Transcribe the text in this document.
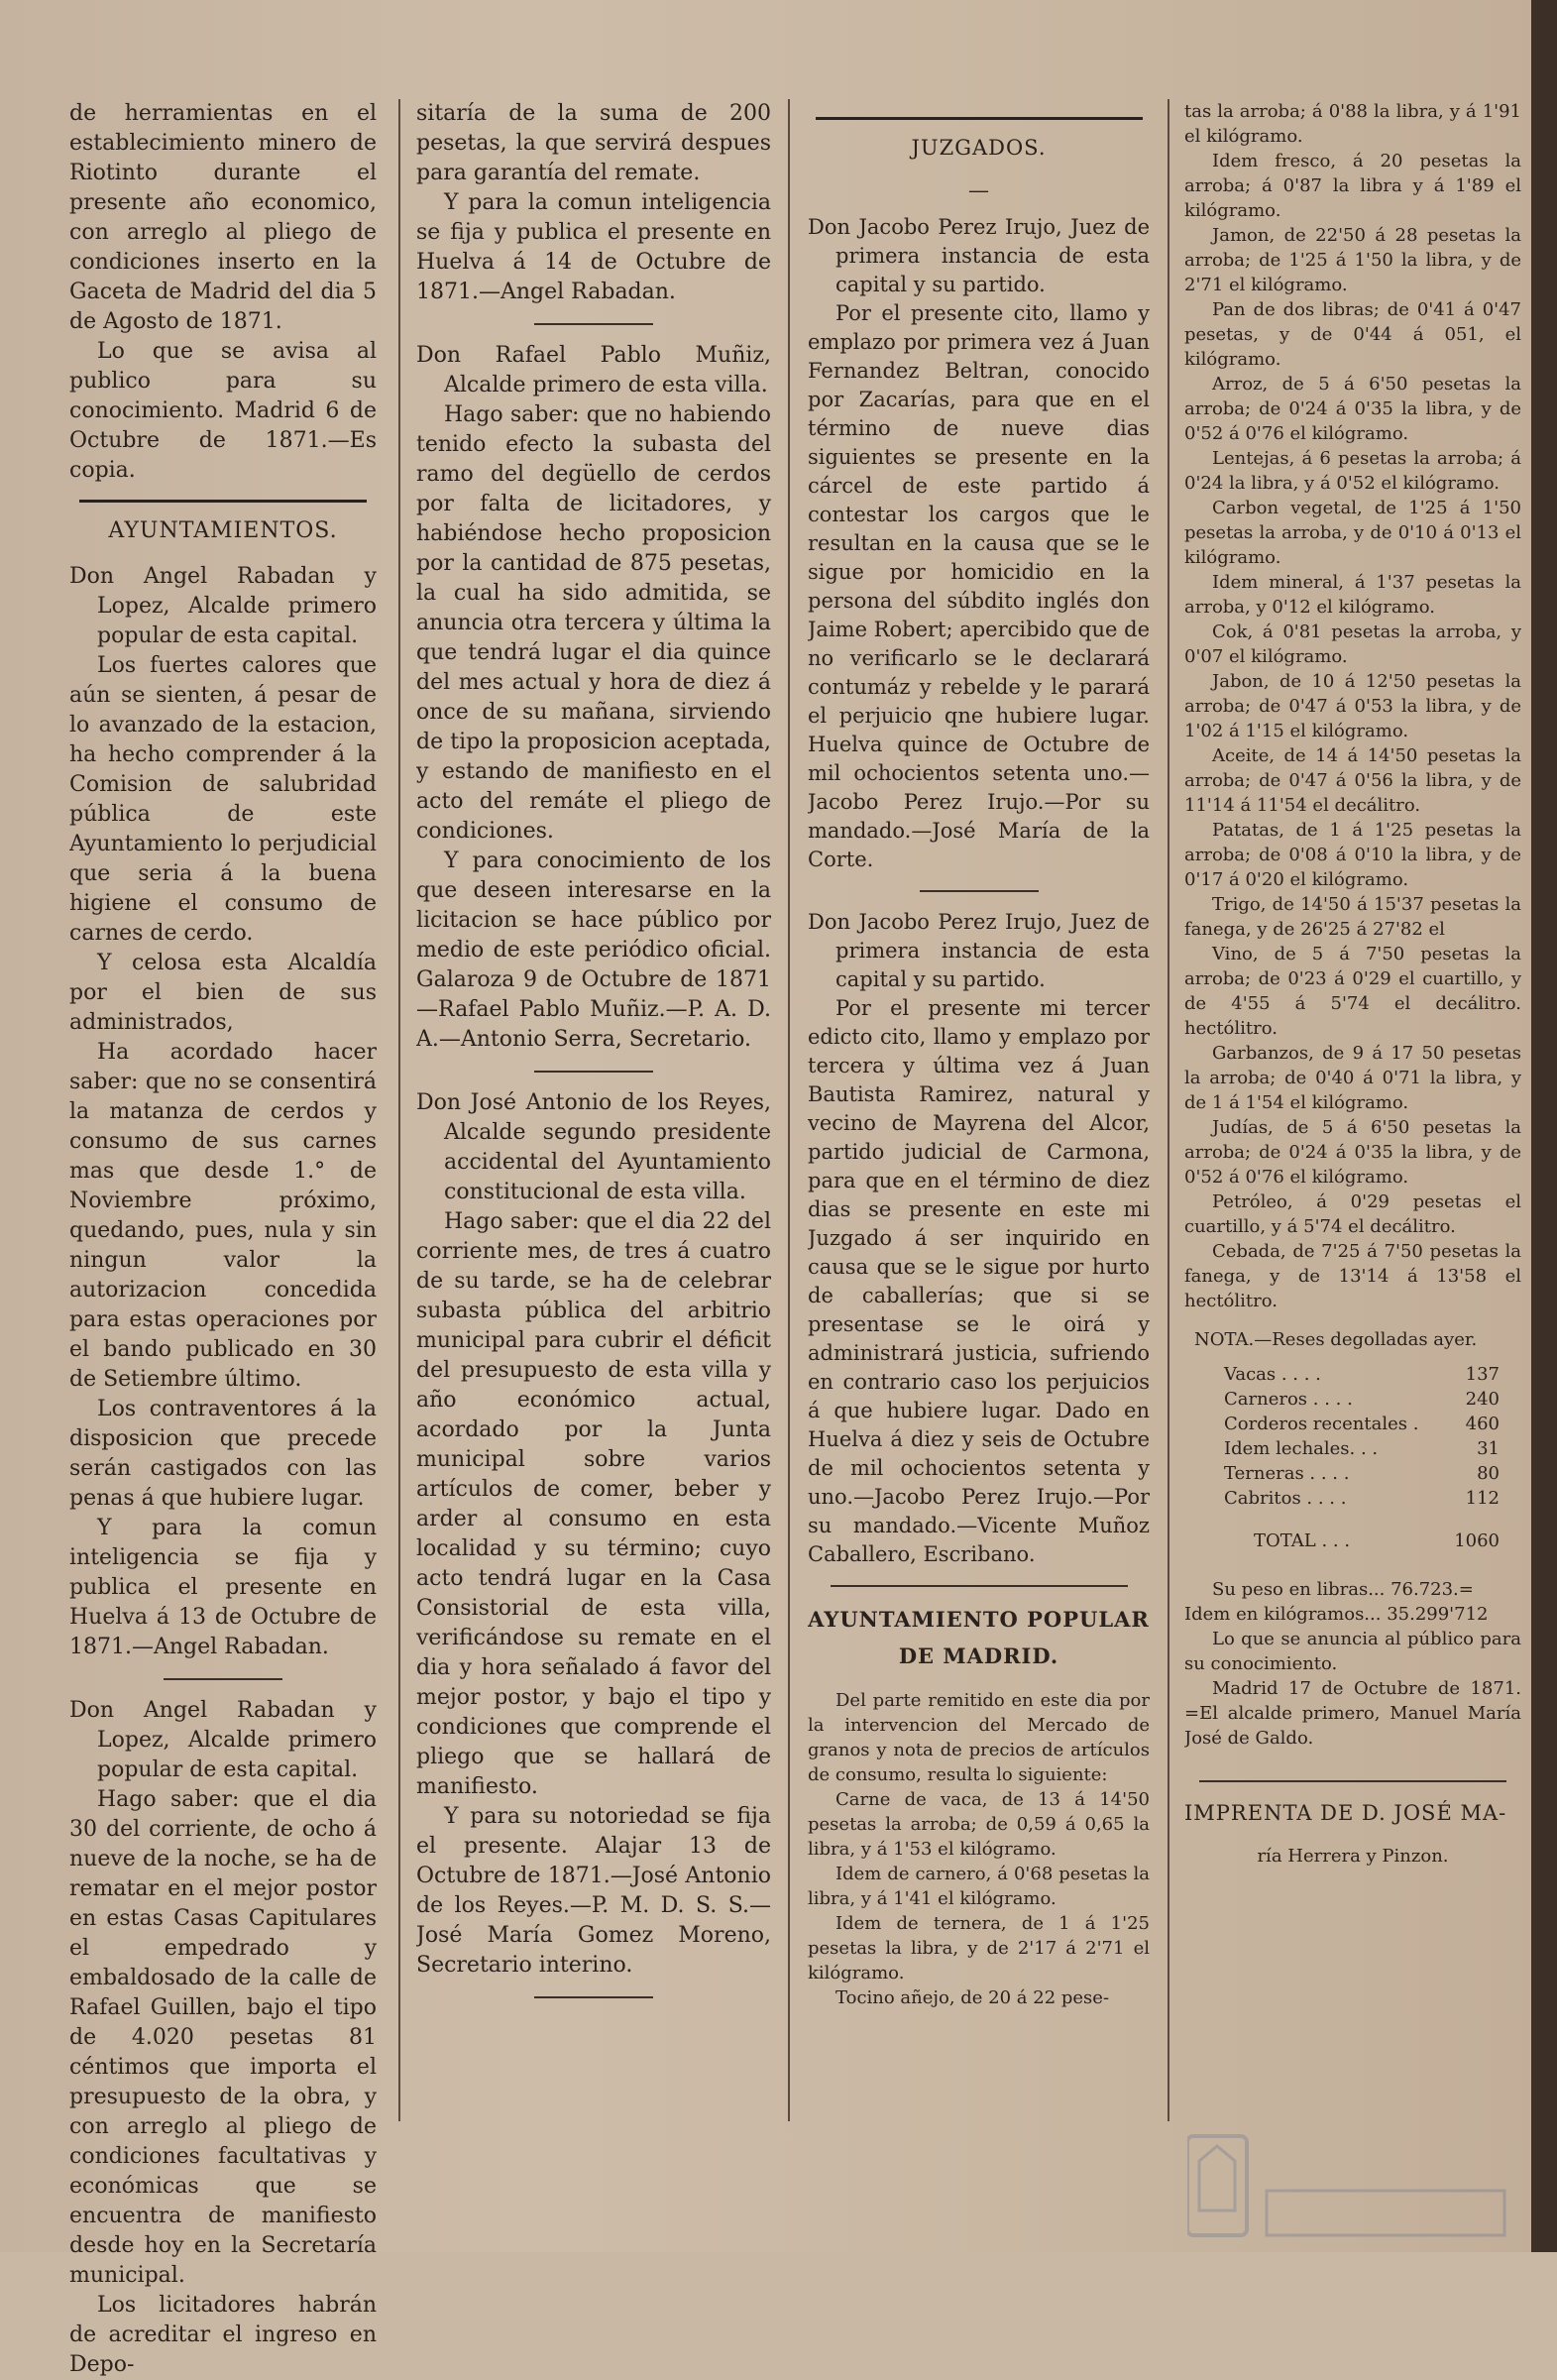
de herramientas en el establecimiento minero de Riotinto durante el presente año economico, con arreglo al pliego de condiciones inserto en la Gaceta de Madrid del dia 5 de Agosto de 1871.

Lo que se avisa al publico para su conocimiento. Madrid 6 de Octubre de 1871.—Es copia.

AYUNTAMIENTOS.

Don Angel Rabadan y Lopez, Alcalde primero popular de esta capital.

Los fuertes calores que aún se sienten, á pesar de lo avanzado de la estacion, ha hecho comprender á la Comision de salubridad pública de este Ayuntamiento lo perjudicial que seria á la buena higiene el consumo de carnes de cerdo.

Y celosa esta Alcaldía por el bien de sus administrados,

Ha acordado hacer saber: que no se consentirá la matanza de cerdos y consumo de sus carnes mas que desde 1.° de Noviembre próximo, quedando, pues, nula y sin ningun valor la autorizacion concedida para estas operaciones por el bando publicado en 30 de Setiembre último.

Los contraventores á la disposicion que precede serán castigados con las penas á que hubiere lugar.

Y para la comun inteligencia se fija y publica el presente en Huelva á 13 de Octubre de 1871.—Angel Rabadan.

Don Angel Rabadan y Lopez, Alcalde primero popular de esta capital.

Hago saber: que el dia 30 del corriente, de ocho á nueve de la noche, se ha de rematar en el mejor postor en estas Casas Capitulares el empedrado y embaldosado de la calle de Rafael Guillen, bajo el tipo de 4.020 pesetas 81 céntimos que importa el presupuesto de la obra, y con arreglo al pliego de condiciones facultativas y económicas que se encuentra de manifiesto desde hoy en la Secretaría municipal.

Los licitadores habrán de acreditar el ingreso en Depo-

sitaría de la suma de 200 pesetas, la que servirá despues para garantía del remate.

Y para la comun inteligencia se fija y publica el presente en Huelva á 14 de Octubre de 1871.—Angel Rabadan.

Don Rafael Pablo Muñiz, Alcalde primero de esta villa.

Hago saber: que no habiendo tenido efecto la subasta del ramo del degüello de cerdos por falta de licitadores, y habiéndose hecho proposicion por la cantidad de 875 pesetas, la cual ha sido admitida, se anuncia otra tercera y última la que tendrá lugar el dia quince del mes actual y hora de diez á once de su mañana, sirviendo de tipo la proposicion aceptada, y estando de manifiesto en el acto del remáte el pliego de condiciones.

Y para conocimiento de los que deseen interesarse en la licitacion se hace público por medio de este periódico oficial. Galaroza 9 de Octubre de 1871 —Rafael Pablo Muñiz.—P. A. D. A.—Antonio Serra, Secretario.

Don José Antonio de los Reyes, Alcalde segundo presidente accidental del Ayuntamiento constitucional de esta villa.

Hago saber: que el dia 22 del corriente mes, de tres á cuatro de su tarde, se ha de celebrar subasta pública del arbitrio municipal para cubrir el déficit del presupuesto de esta villa y año económico actual, acordado por la Junta municipal sobre varios artículos de comer, beber y arder al consumo en esta localidad y su término; cuyo acto tendrá lugar en la Casa Consistorial de esta villa, verificándose su remate en el dia y hora señalado á favor del mejor postor, y bajo el tipo y condiciones que comprende el pliego que se hallará de manifiesto.

Y para su notoriedad se fija el presente. Alajar 13 de Octubre de 1871.—José Antonio de los Reyes.—P. M. D. S. S.—José María Gomez Moreno, Secretario interino.

JUZGADOS.

—

Don Jacobo Perez Irujo, Juez de primera instancia de esta capital y su partido.

Por el presente cito, llamo y emplazo por primera vez á Juan Fernandez Beltran, conocido por Zacarías, para que en el término de nueve dias siguientes se presente en la cárcel de este partido á contestar los cargos que le resultan en la causa que se le sigue por homicidio en la persona del súbdito inglés don Jaime Robert; apercibido que de no verificarlo se le declarará contumáz y rebelde y le parará el perjuicio qne hubiere lugar. Huelva quince de Octubre de mil ochocientos setenta uno.—Jacobo Perez Irujo.—Por su mandado.—José María de la Corte.

Don Jacobo Perez Irujo, Juez de primera instancia de esta capital y su partido.

Por el presente mi tercer edicto cito, llamo y emplazo por tercera y última vez á Juan Bautista Ramirez, natural y vecino de Mayrena del Alcor, partido judicial de Carmona, para que en el término de diez dias se presente en este mi Juzgado á ser inquirido en causa que se le sigue por hurto de caballerías; que si se presentase se le oirá y administrará justicia, sufriendo en contrario caso los perjuicios á que hubiere lugar. Dado en Huelva á diez y seis de Octubre de mil ochocientos setenta y uno.—Jacobo Perez Irujo.—Por su mandado.—Vicente Muñoz Caballero, Escribano.

AYUNTAMIENTO POPULAR

DE MADRID.

Del parte remitido en este dia por la intervencion del Mercado de granos y nota de precios de artículos de consumo, resulta lo siguiente:

Carne de vaca, de 13 á 14'50 pesetas la arroba; de 0,59 á 0,65 la libra, y á 1'53 el kilógramo.

Idem de carnero, á 0'68 pesetas la libra, y á 1'41 el kilógramo.

Idem de ternera, de 1 á 1'25 pesetas la libra, y de 2'17 á 2'71 el kilógramo.

Tocino añejo, de 20 á 22 pese-

tas la arroba; á 0'88 la libra, y á 1'91 el kilógramo.

Idem fresco, á 20 pesetas la arroba; á 0'87 la libra y á 1'89 el kilógramo.

Jamon, de 22'50 á 28 pesetas la arroba; de 1'25 á 1'50 la libra, y de 2'71 el kilógramo.

Pan de dos libras; de 0'41 á 0'47 pesetas, y de 0'44 á 051, el kilógramo.

Arroz, de 5 á 6'50 pesetas la arroba; de 0'24 á 0'35 la libra, y de 0'52 á 0'76 el kilógramo.

Lentejas, á 6 pesetas la arroba; á 0'24 la libra, y á 0'52 el kilógramo.

Carbon vegetal, de 1'25 á 1'50 pesetas la arroba, y de 0'10 á 0'13 el kilógramo.

Idem mineral, á 1'37 pesetas la arroba, y 0'12 el kilógramo.

Cok, á 0'81 pesetas la arroba, y 0'07 el kilógramo.

Jabon, de 10 á 12'50 pesetas la arroba; de 0'47 á 0'53 la libra, y de 1'02 á 1'15 el kilógramo.

Aceite, de 14 á 14'50 pesetas la arroba; de 0'47 á 0'56 la libra, y de 11'14 á 11'54 el decálitro.

Patatas, de 1 á 1'25 pesetas la arroba; de 0'08 á 0'10 la libra, y de 0'17 á 0'20 el kilógramo.

Trigo, de 14'50 á 15'37 pesetas la fanega, y de 26'25 á 27'82 el

Vino, de 5 á 7'50 pesetas la arroba; de 0'23 á 0'29 el cuartillo, y de 4'55 á 5'74 el decálitro. hectólitro.

Garbanzos, de 9 á 17 50 pesetas la arroba; de 0'40 á 0'71 la libra, y de 1 á 1'54 el kilógramo.

Judías, de 5 á 6'50 pesetas la arroba; de 0'24 á 0'35 la libra, y de 0'52 á 0'76 el kilógramo.

Petróleo, á 0'29 pesetas el cuartillo, y á 5'74 el decálitro.

Cebada, de 7'25 á 7'50 pesetas la fanega, y de 13'14 á 13'58 el hectólitro.

NOTA.—Reses degolladas ayer.

Vacas . . . .	137
Carneros . . . .	240
Corderos recentales .	460
Idem lechales. . .	31
Terneras . . . .	80
Cabritos . . . .	112
TOTAL . . .	1060

Su peso en libras... 76.723.=

Idem en kilógramos... 35.299'712

Lo que se anuncia al público para su conocimiento.

Madrid 17 de Octubre de 1871. =El alcalde primero, Manuel María José de Galdo.

IMPRENTA DE D. JOSÉ MA-
ría Herrera y Pinzon.
